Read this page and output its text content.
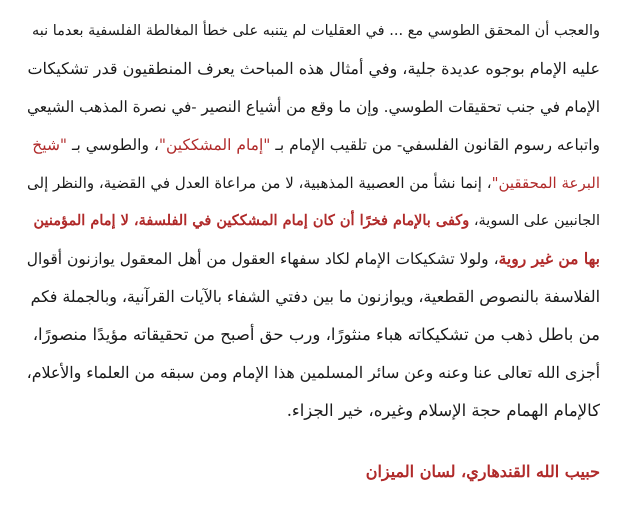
والعجب أن المحقق الطوسي مع ... في العقليات لم يتنبه على خطأ المغالطة الفلسفية بعدما نبه
عليه الإمام بوجوه عديدة جلية، وفي أمثال هذه المباحث يعرف المنطقيون قدر تشكيكات
الإمام في جنب تحقيقات الطوسي. وإن ما وقع من أشياع النصير -في نصرة المذهب الشيعي
واتباعه رسوم القانون الفلسفي- من تلقيب الإمام بـ "إمام المشككين"، والطوسي بـ "شيخ
البرعة المحققين"، إنما نشأ من العصبية المذهبية، لا من مراعاة العدل في القضية، والنظر إلى
الجانبين على السوية، وكفى بالإمام فخرًا أن كان إمام المشككين في الفلسفة، لا إمام المؤمنين
بها من غير روية، ولولا تشكيكات الإمام لكاد سفهاء العقول من أهل المعقول يوازنون أقوال
الفلاسفة بالنصوص القطعية، ويوازنون ما بين دفتي الشفاء بالآيات القرآنية، وبالجملة فكم
من باطل ذهب من تشكيكاته هباء منثورًا، ورب حق أصبح من تحقيقاته مؤيدًا منصورًا،
أجزى الله تعالى عنا وعنه وعن سائر المسلمين هذا الإمام ومن سبقه من العلماء والأعلام،
كالإمام الهمام حجة الإسلام وغيره، خير الجزاء.
حبيب الله القندهاري، لسان الميزان
